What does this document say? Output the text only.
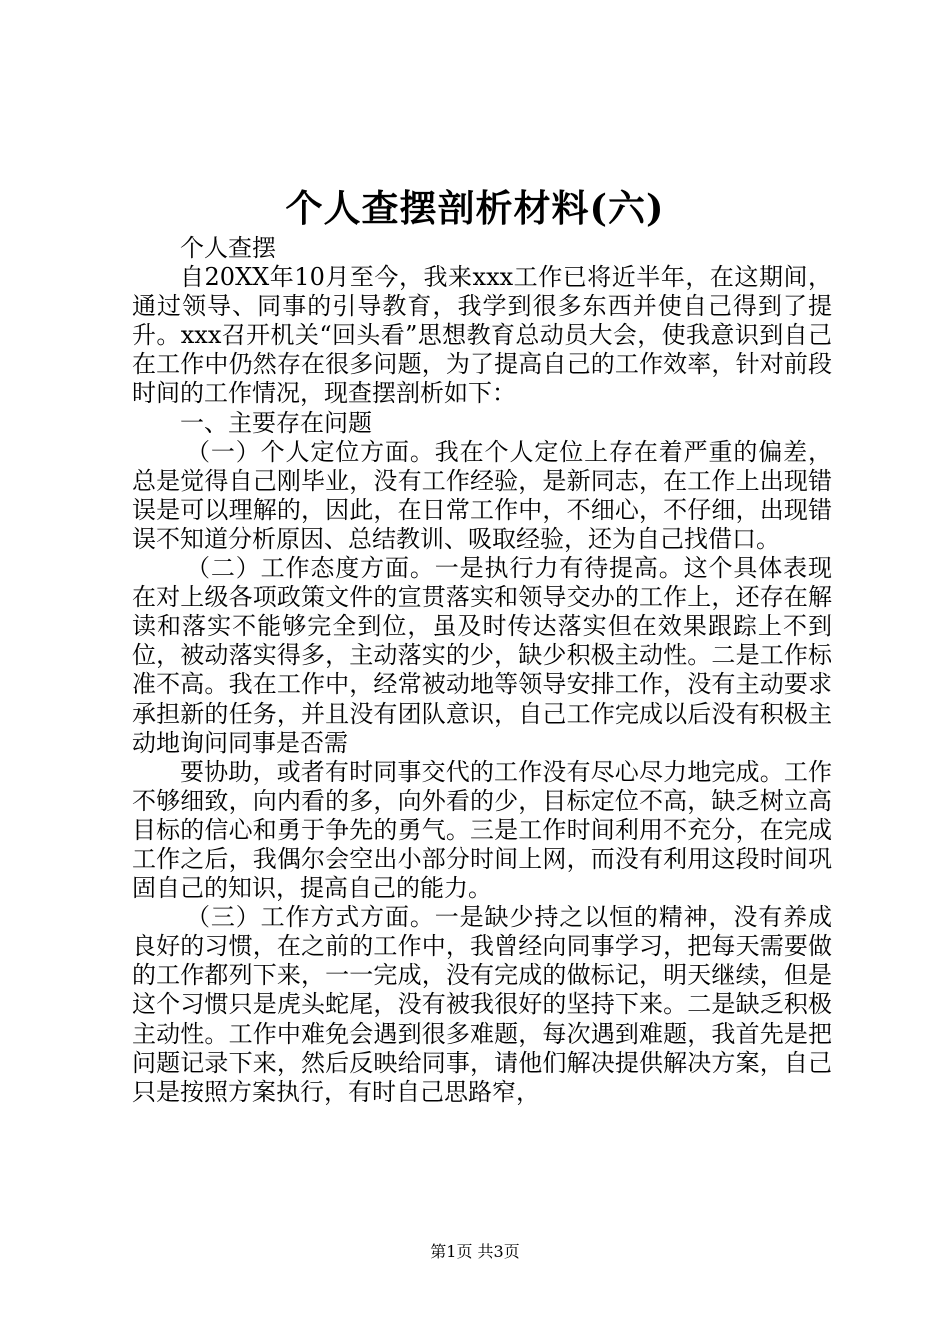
个人查摆剖析材料(六)

个人查摆

自20XX年10月至今，我来xxx工作已将近半年，在这期间，通过领导、同事的引导教育，我学到很多东西并使自己得到了提升。xxx召开机关“回头看”思想教育总动员大会，使我意识到自己在工作中仍然存在很多问题，为了提高自己的工作效率，针对前段时间的工作情况，现查摆剖析如下：

一、主要存在问题

（一）个人定位方面。我在个人定位上存在着严重的偏差，总是觉得自己刚毕业，没有工作经验，是新同志，在工作上出现错误是可以理解的，因此，在日常工作中，不细心，不仔细，出现错误不知道分析原因、总结教训、吸取经验，还为自己找借口。

（二）工作态度方面。一是执行力有待提高。这个具体表现在对上级各项政策文件的宣贯落实和领导交办的工作上，还存在解读和落实不能够完全到位，虽及时传达落实但在效果跟踪上不到位，被动落实得多，主动落实的少，缺少积极主动性。二是工作标准不高。我在工作中，经常被动地等领导安排工作，没有主动要求承担新的任务，并且没有团队意识，自己工作完成以后没有积极主动地询问同事是否需

要协助，或者有时同事交代的工作没有尽心尽力地完成。工作不够细致，向内看的多，向外看的少，目标定位不高，缺乏树立高目标的信心和勇于争先的勇气。三是工作时间利用不充分，在完成工作之后，我偶尔会空出小部分时间上网，而没有利用这段时间巩固自己的知识，提高自己的能力。

（三）工作方式方面。一是缺少持之以恒的精神，没有养成良好的习惯，在之前的工作中，我曾经向同事学习，把每天需要做的工作都列下来，一一完成，没有完成的做标记，明天继续，但是这个习惯只是虎头蛇尾，没有被我很好的坚持下来。二是缺乏积极主动性。工作中难免会遇到很多难题，每次遇到难题，我首先是把问题记录下来，然后反映给同事，请他们解决提供解决方案，自己只是按照方案执行，有时自己思路窄，

第1页 共3页
